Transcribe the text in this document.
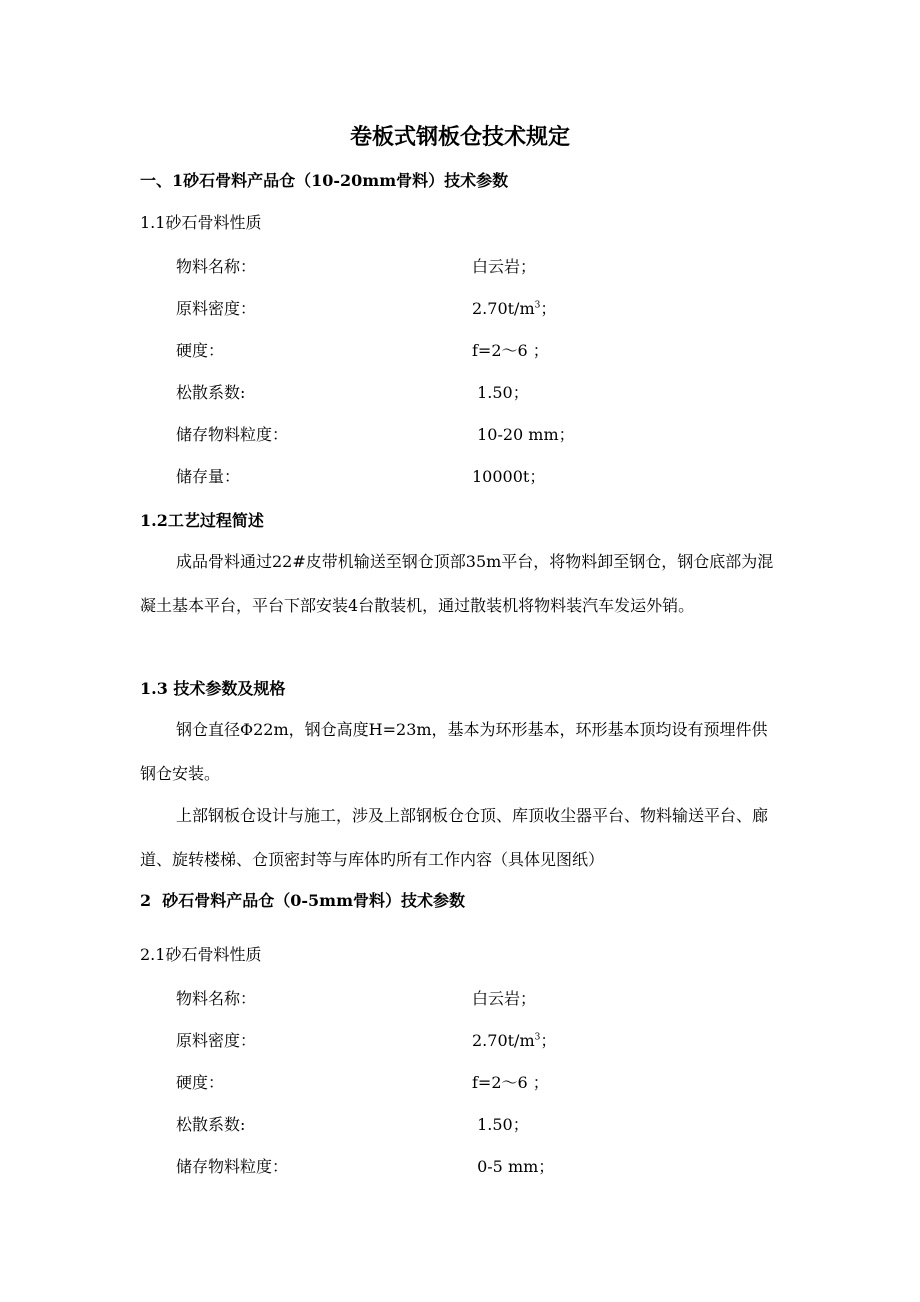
卷板式钢板仓技术规定
一、1砂石骨料产品仓（10-20mm骨料）技术参数
1.1砂石骨料性质
物料名称：	白云岩；
原料密度：	$2.70t/m^3$；
硬度：	f=2～6 ；
松散系数:	1.50；
储存物料粒度：	10-20 mm；
储存量：	10000t；
1.2工艺过程简述
成品骨料通过22#皮带机输送至钢仓顶部35m平台，将物料卸至钢仓，钢仓底部为混凝土基本平台，平台下部安装4台散装机，通过散装机将物料装汽车发运外销。
1.3 技术参数及规格
钢仓直径Φ22m，钢仓高度H=23m，基本为环形基本，环形基本顶均设有预埋件供钢仓安装。
上部钢板仓设计与施工，涉及上部钢板仓仓顶、库顶收尘器平台、物料输送平台、廊道、旋转楼梯、仓顶密封等与库体旳所有工作内容（具体见图纸）
2  砂石骨料产品仓（0-5mm骨料）技术参数
2.1砂石骨料性质
物料名称：	白云岩；
原料密度：	$2.70t/m^3$；
硬度：	f=2～6 ；
松散系数:	1.50；
储存物料粒度：	0-5 mm；
